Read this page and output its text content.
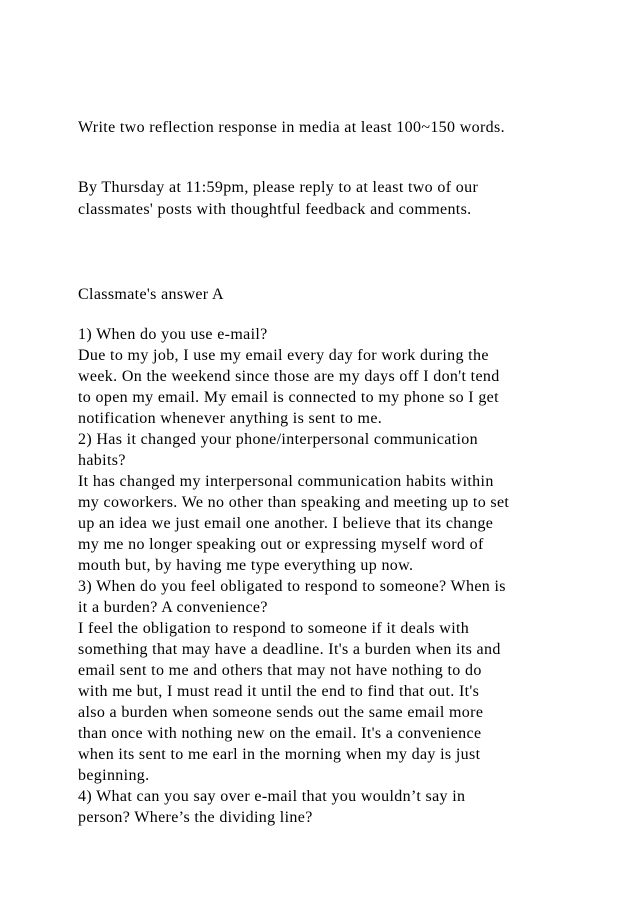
Write two reflection response in media at least 100~150 words.
By Thursday at 11:59pm, please reply to at least two of our
classmates' posts with thoughtful feedback and comments.
Classmate's answer A
1) When do you use e-mail?
Due to my job, I use my email every day for work during the
week. On the weekend since those are my days off I don't tend
to open my email. My email is connected to my phone so I get
notification whenever anything is sent to me.
2) Has it changed your phone/interpersonal communication
habits?
It has changed my interpersonal communication habits within
my coworkers. We no other than speaking and meeting up to set
up an idea we just email one another. I believe that its change
my me no longer speaking out or expressing myself word of
mouth but, by having me type everything up now.
3) When do you feel obligated to respond to someone? When is
it a burden? A convenience?
I feel the obligation to respond to someone if it deals with
something that may have a deadline. It's a burden when its and
email sent to me and others that may not have nothing to do
with me but, I must read it until the end to find that out. It's
also a burden when someone sends out the same email more
than once with nothing new on the email. It's a convenience
when its sent to me earl in the morning when my day is just
beginning.
4) What can you say over e-mail that you wouldn’t say in
person? Where’s the dividing line?
